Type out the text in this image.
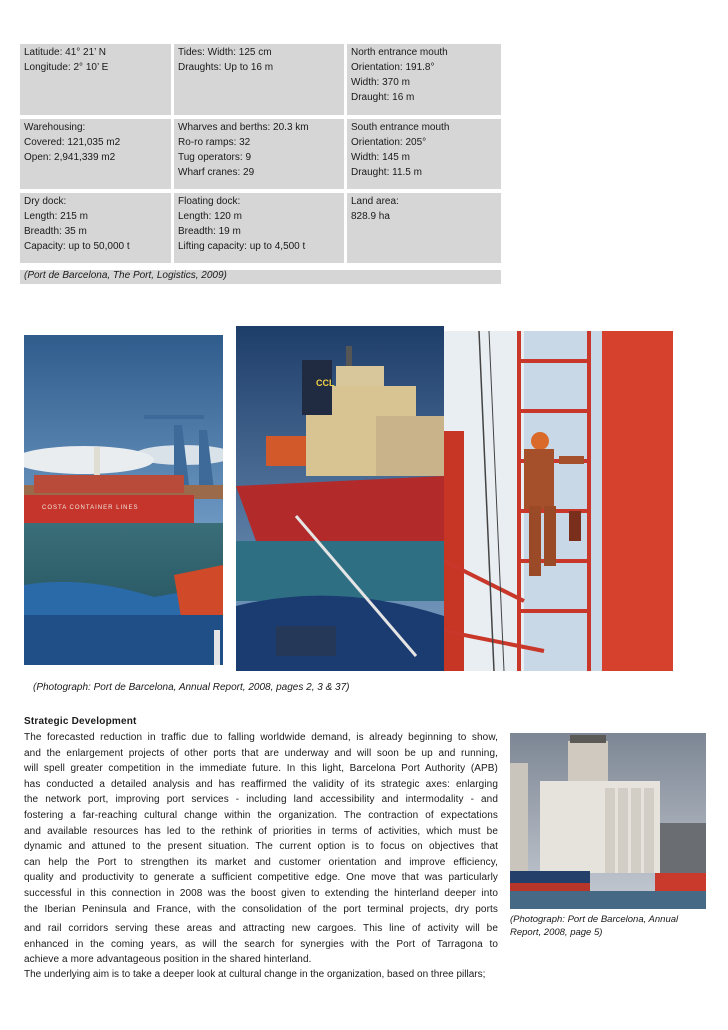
Latitude: 41° 21’ N
Longitude: 2° 10’ E
Tides: Width: 125 cm
Draughts: Up to 16 m
North entrance mouth
Orientation: 191.8°
Width: 370 m
Draught: 16 m
Warehousing:
Covered: 121,035 m2
Open: 2,941,339 m2
Wharves and berths: 20.3 km
Ro-ro ramps: 32
Tug operators: 9
Wharf cranes: 29
South entrance mouth
Orientation: 205°
Width: 145 m
Draught: 11.5 m
Dry dock:
Length: 215 m
Breadth: 35 m
Capacity: up to 50,000 t
Floating dock:
Length: 120 m
Breadth: 19 m
Lifting capacity: up to 4,500 t
Land area:
828.9 ha
(Port de Barcelona, The Port, Logistics, 2009)
COSTA CONTAINER LINES
CCL
(Photograph: Port de Barcelona, Annual Report, 2008, pages 2, 3 & 37)
Strategic Development
The forecasted reduction in traffic due to falling worldwide demand, is already beginning to show,
and the enlargement projects of other ports that are underway and will soon be up and running,
will spell greater competition in the immediate future. In this light, Barcelona Port Authority (APB)
has conducted a detailed analysis and has reaffirmed the validity of its strategic axes: enlarging
the network port, improving port services - including land accessibility and intermodality - and
fostering a far-reaching cultural change within the organization. The contraction of expectations
and available resources has led to the rethink of priorities in terms of activities, which must be
dynamic and attuned to the present situation. The current option is to focus on objectives that
can help the Port to strengthen its market and customer orientation and improve efficiency,
quality and productivity to generate a sufficient competitive edge. One move that was particularly
successful in this connection in 2008 was the boost given to extending the hinterland deeper into
the Iberian Peninsula and France, with the consolidation of the port terminal projects, dry ports
and rail corridors serving these areas and attracting new cargoes. This line of activity will be
enhanced in the coming years, as will the search for synergies with the Port of Tarragona to
achieve a more advantageous position in the shared hinterland.
The underlying aim is to take a deeper look at cultural change in the organization, based on three pillars;
(Photograph: Port de Barcelona, Annual
Report, 2008, page 5)
